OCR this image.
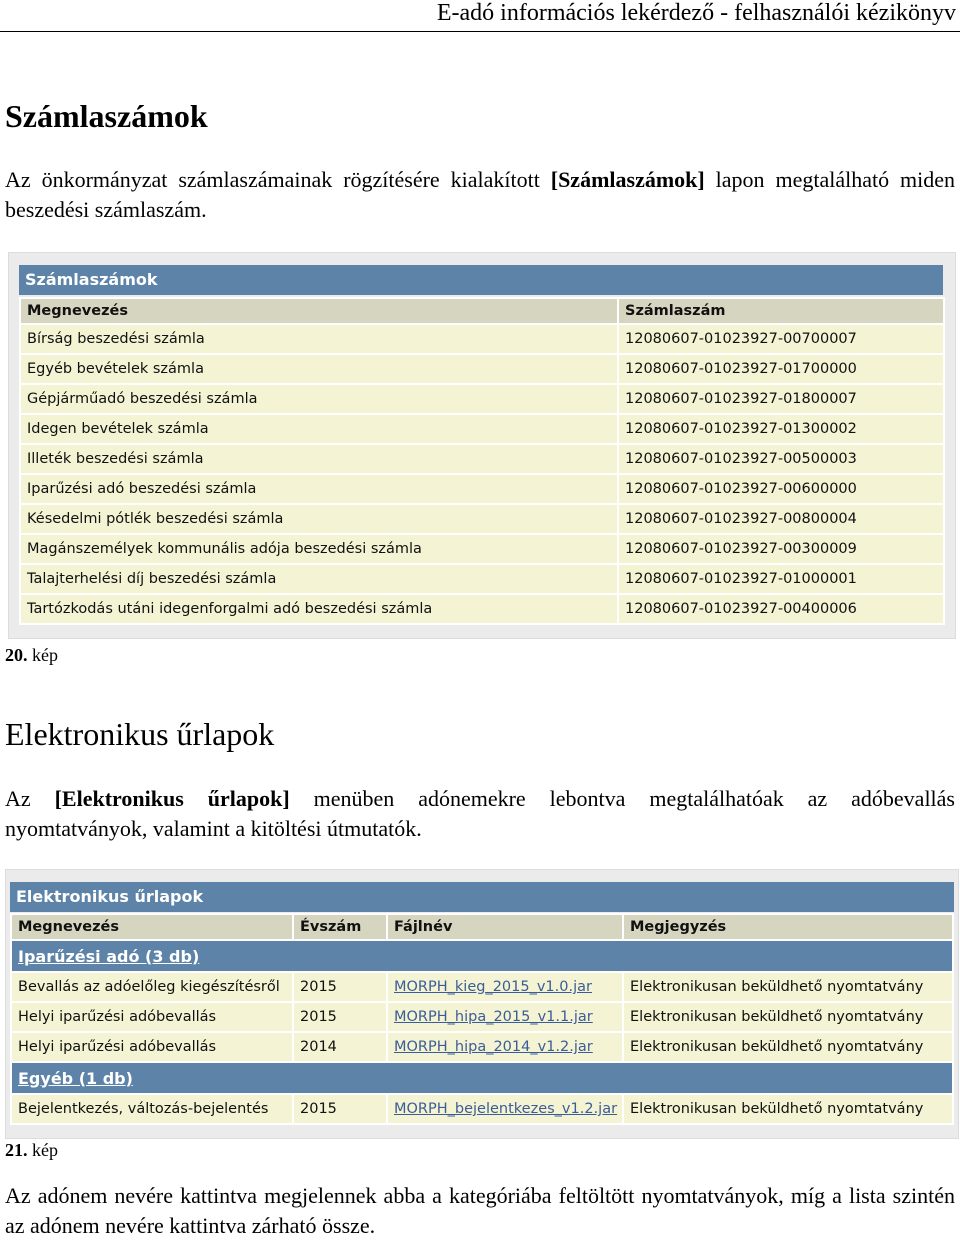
E-adó információs lekérdező - felhasználói kézikönyv
Számlaszámok

Az önkormányzat számlaszámainak rögzítésére kialakított [Számlaszámok] lapon megtalálható miden beszedési számlaszám.

Számlaszámok
Megnevezés	Számlaszám
Bírság beszedési számla	12080607-01023927-00700007
Egyéb bevételek számla	12080607-01023927-01700000
Gépjárműadó beszedési számla	12080607-01023927-01800007
Idegen bevételek számla	12080607-01023927-01300002
Illeték beszedési számla	12080607-01023927-00500003
Iparűzési adó beszedési számla	12080607-01023927-00600000
Késedelmi pótlék beszedési számla	12080607-01023927-00800004
Magánszemélyek kommunális adója beszedési számla	12080607-01023927-00300009
Talajterhelési díj beszedési számla	12080607-01023927-01000001
Tartózkodás utáni idegenforgalmi adó beszedési számla	12080607-01023927-00400006
20. kép
Elektronikus űrlapok

Az [Elektronikus űrlapok] menüben adónemekre lebontva megtalálhatóak az adóbevallás nyomtatványok, valamint a kitöltési útmutatók.

Elektronikus űrlapok
Megnevezés	Évszám	Fájlnév	Megjegyzés
Iparűzési adó (3 db)			
Bevallás az adóelőleg kiegészítésről	2015	MORPH_kieg_2015_v1.0.jar	Elektronikusan beküldhető nyomtatvány
Helyi iparűzési adóbevallás	2015	MORPH_hipa_2015_v1.1.jar	Elektronikusan beküldhető nyomtatvány
Helyi iparűzési adóbevallás	2014	MORPH_hipa_2014_v1.2.jar	Elektronikusan beküldhető nyomtatvány
Egyéb (1 db)			
Bejelentkezés, változás-bejelentés	2015	MORPH_bejelentkezes_v1.2.jar	Elektronikusan beküldhető nyomtatvány
21. kép

Az adónem nevére kattintva megjelennek abba a kategóriába feltöltött nyomtatványok, míg a lista szintén az adónem nevére kattintva zárható össze.
